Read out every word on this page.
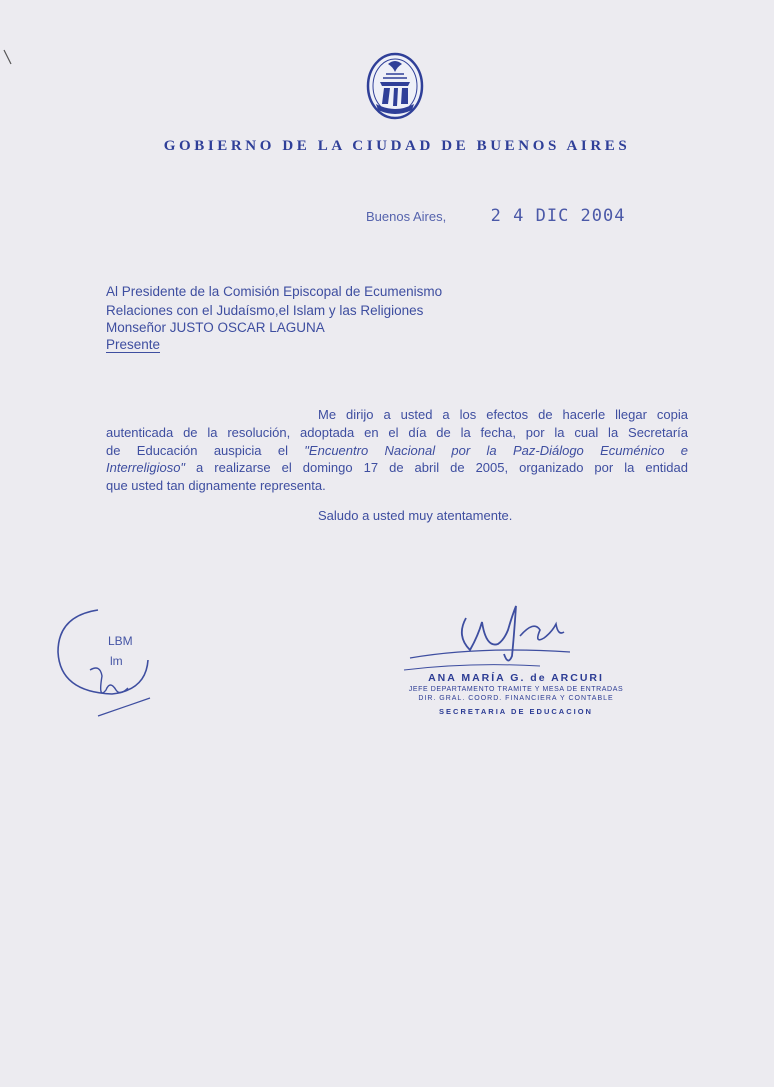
GOBIERNO DE LA CIUDAD DE BUENOS AIRES
Buenos Aires,	2 4 DIC 2004
Al Presidente de la Comisión Episcopal de Ecumenismo
Relaciones con el Judaísmo,el Islam y las Religiones
Monseñor JUSTO OSCAR LAGUNA
Presente
Me dirijo a usted a los efectos de hacerle llegar copia
autenticada de la resolución, adoptada en el día de la fecha, por la cual la Secretaría
de Educación auspicia el "Encuentro Nacional por la Paz-Diálogo Ecuménico e
Interreligioso" a realizarse el domingo 17 de abril de 2005, organizado por la entidad
que usted tan dignamente representa.
Saludo a usted muy atentamente.
LBM
lm
ANA MARÍA G. de ARCURI
JEFE DEPARTAMENTO TRAMITE Y MESA DE ENTRADAS
DIR. GRAL. COORD. FINANCIERA Y CONTABLE
SECRETARIA DE EDUCACION
